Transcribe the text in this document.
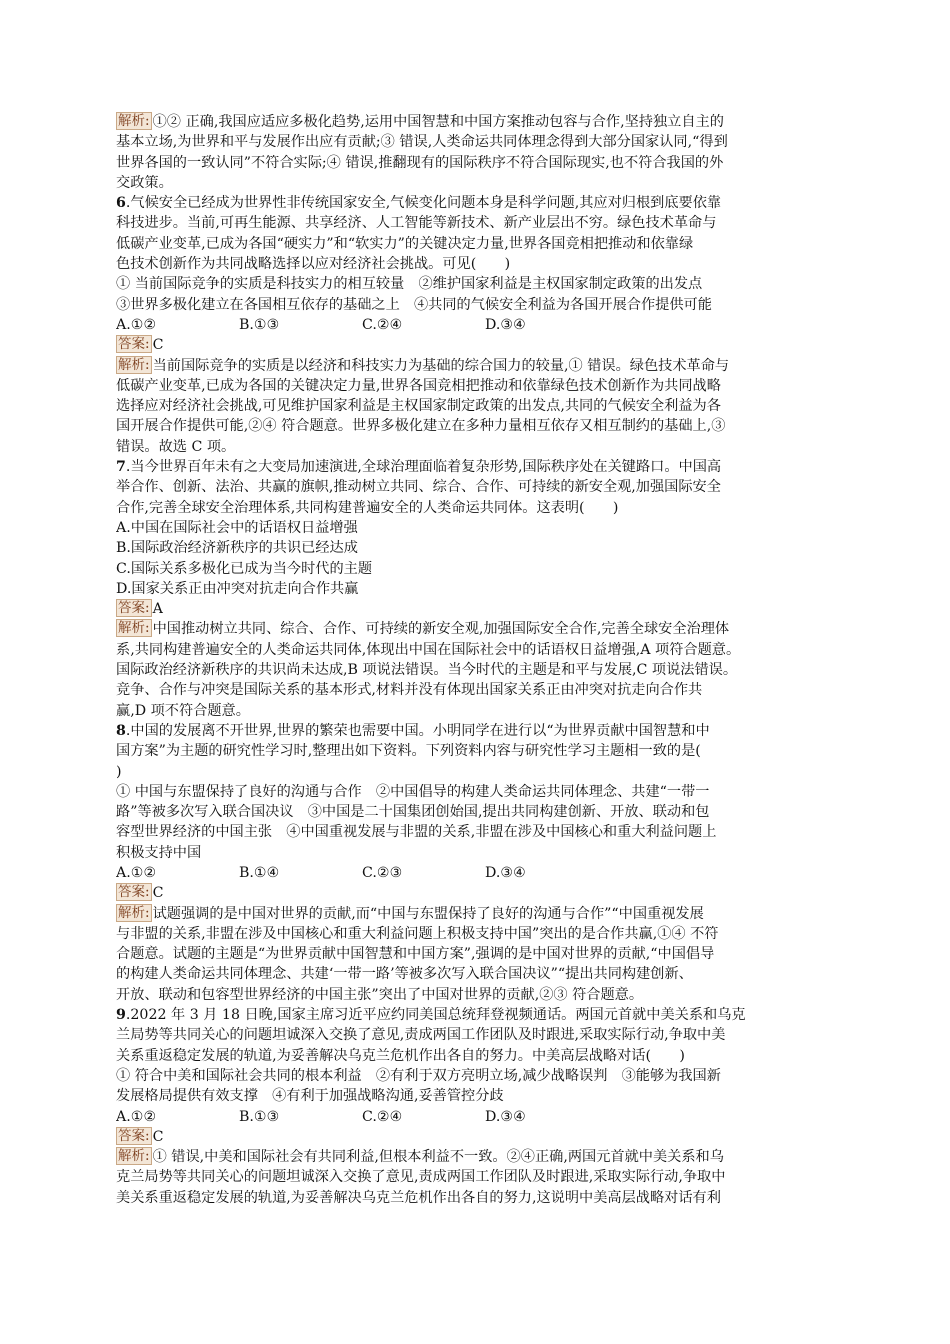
解析: ①② 正确,我国应适应多极化趋势,运用中国智慧和中国方案推动包容与合作,坚持独立自主的
基本立场,为世界和平与发展作出应有贡献;③ 错误,人类命运共同体理念得到大部分国家认同,“得到
世界各国的一致认同”不符合实际;④ 错误,推翻现有的国际秩序不符合国际现实,也不符合我国的外
交政策。
6.气候安全已经成为世界性非传统国家安全,气候变化问题本身是科学问题,其应对归根到底要依靠
科技进步。当前,可再生能源、共享经济、人工智能等新技术、新产业层出不穷。绿色技术革命与
低碳产业变革,已成为各国“硬实力”和“软实力”的关键决定力量,世界各国竞相把推动和依靠绿
色技术创新作为共同战略选择以应对经济社会挑战。可见(　　)
① 当前国际竞争的实质是科技实力的相互较量　②维护国家利益是主权国家制定政策的出发点
③世界多极化建立在各国相互依存的基础之上　④共同的气候安全利益为各国开展合作提供可能
A.①②	B.①③	C.②④	D.③④
答案: C
解析: 当前国际竞争的实质是以经济和科技实力为基础的综合国力的较量,① 错误。绿色技术革命与
低碳产业变革,已成为各国的关键决定力量,世界各国竞相把推动和依靠绿色技术创新作为共同战略
选择应对经济社会挑战,可见维护国家利益是主权国家制定政策的出发点,共同的气候安全利益为各
国开展合作提供可能,②④ 符合题意。世界多极化建立在多种力量相互依存又相互制约的基础上,③
错误。故选 C 项。
7.当今世界百年未有之大变局加速演进,全球治理面临着复杂形势,国际秩序处在关键路口。中国高
举合作、创新、法治、共赢的旗帜,推动树立共同、综合、合作、可持续的新安全观,加强国际安全
合作,完善全球安全治理体系,共同构建普遍安全的人类命运共同体。这表明(　　)
A.中国在国际社会中的话语权日益增强
B.国际政治经济新秩序的共识已经达成
C.国际关系多极化已成为当今时代的主题
D.国家关系正由冲突对抗走向合作共赢
答案: A
解析: 中国推动树立共同、综合、合作、可持续的新安全观,加强国际安全合作,完善全球安全治理体
系,共同构建普遍安全的人类命运共同体,体现出中国在国际社会中的话语权日益增强,A 项符合题意。
国际政治经济新秩序的共识尚未达成,B 项说法错误。当今时代的主题是和平与发展,C 项说法错误。
竞争、合作与冲突是国际关系的基本形式,材料并没有体现出国家关系正由冲突对抗走向合作共
赢,D 项不符合题意。
8.中国的发展离不开世界,世界的繁荣也需要中国。小明同学在进行以“为世界贡献中国智慧和中
国方案”为主题的研究性学习时,整理出如下资料。下列资料内容与研究性学习主题相一致的是(
)
① 中国与东盟保持了良好的沟通与合作　②中国倡导的构建人类命运共同体理念、共建“一带一
路”等被多次写入联合国决议　③中国是二十国集团创始国,提出共同构建创新、开放、联动和包
容型世界经济的中国主张　④中国重视发展与非盟的关系,非盟在涉及中国核心和重大利益问题上
积极支持中国
A.①②	B.①④	C.②③	D.③④
答案: C
解析: 试题强调的是中国对世界的贡献,而“中国与东盟保持了良好的沟通与合作”“中国重视发展
与非盟的关系,非盟在涉及中国核心和重大利益问题上积极支持中国”突出的是合作共赢,①④ 不符
合题意。试题的主题是“为世界贡献中国智慧和中国方案”,强调的是中国对世界的贡献,“中国倡导
的构建人类命运共同体理念、共建‘一带一路’等被多次写入联合国决议”“提出共同构建创新、
开放、联动和包容型世界经济的中国主张”突出了中国对世界的贡献,②③ 符合题意。
9.2022 年 3 月 18 日晚,国家主席习近平应约同美国总统拜登视频通话。两国元首就中美关系和乌克
兰局势等共同关心的问题坦诚深入交换了意见,责成两国工作团队及时跟进,采取实际行动,争取中美
关系重返稳定发展的轨道,为妥善解决乌克兰危机作出各自的努力。中美高层战略对话(　　)
① 符合中美和国际社会共同的根本利益　②有利于双方亮明立场,减少战略误判　③能够为我国新
发展格局提供有效支撑　④有利于加强战略沟通,妥善管控分歧
A.①②	B.①③	C.②④	D.③④
答案: C
解析: ① 错误,中美和国际社会有共同利益,但根本利益不一致。②④正确,两国元首就中美关系和乌
克兰局势等共同关心的问题坦诚深入交换了意见,责成两国工作团队及时跟进,采取实际行动,争取中
美关系重返稳定发展的轨道,为妥善解决乌克兰危机作出各自的努力,这说明中美高层战略对话有利
